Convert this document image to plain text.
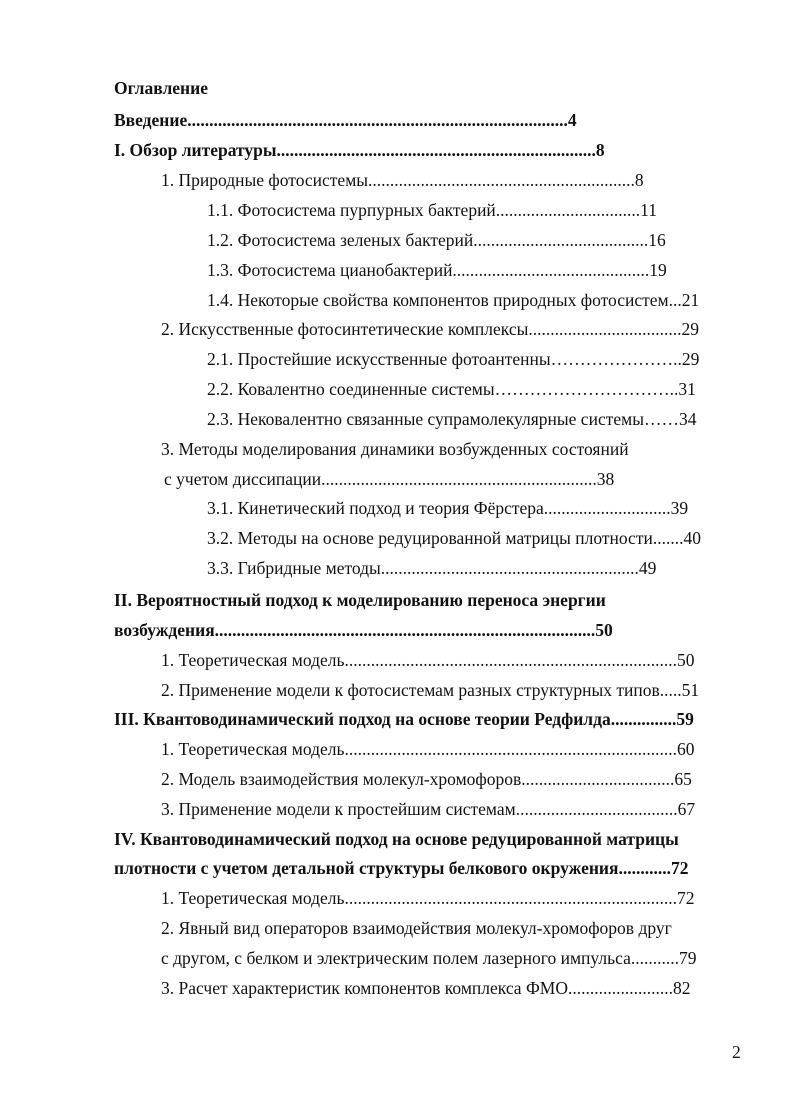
Оглавление
Введение.......................................................................................4
I. Обзор литературы.........................................................................8
1. Природные фотосистемы.............................................................8
1.1. Фотосистема пурпурных бактерий.................................11
1.2. Фотосистема зеленых бактерий........................................16
1.3. Фотосистема цианобактерий.............................................19
1.4. Некоторые свойства компонентов природных фотосистем...21
2. Искусственные фотосинтетические комплексы...................................29
2.1. Простейшие искусственные фотоантенны…………………..29
2.2. Ковалентно соединенные системы…………………………..31
2.3. Нековалентно связанные супрамолекулярные системы……34
3. Методы моделирования динамики возбужденных состояний
с учетом диссипации...............................................................38
3.1. Кинетический подход и теория Фёрстера.............................39
3.2. Методы на основе редуцированной матрицы плотности.......40
3.3. Гибридные методы...........................................................49
II. Вероятностный подход к моделированию переноса энергии
возбуждения.......................................................................................50
1. Теоретическая модель............................................................................50
2. Применение модели к фотосистемам разных структурных типов.....51
III. Квантоводинамический подход на основе теории Редфилда...............59
1. Теоретическая модель............................................................................60
2. Модель взаимодействия молекул-хромофоров...................................65
3. Применение модели к простейшим системам.....................................67
IV. Квантоводинамический подход на основе редуцированной матрицы
плотности с учетом детальной структуры белкового окружения............72
1. Теоретическая модель............................................................................72
2. Явный вид операторов взаимодействия молекул-хромофоров друг
с другом, с белком и электрическим полем лазерного импульса...........79
3. Расчет характеристик компонентов комплекса ФМО........................82
2
